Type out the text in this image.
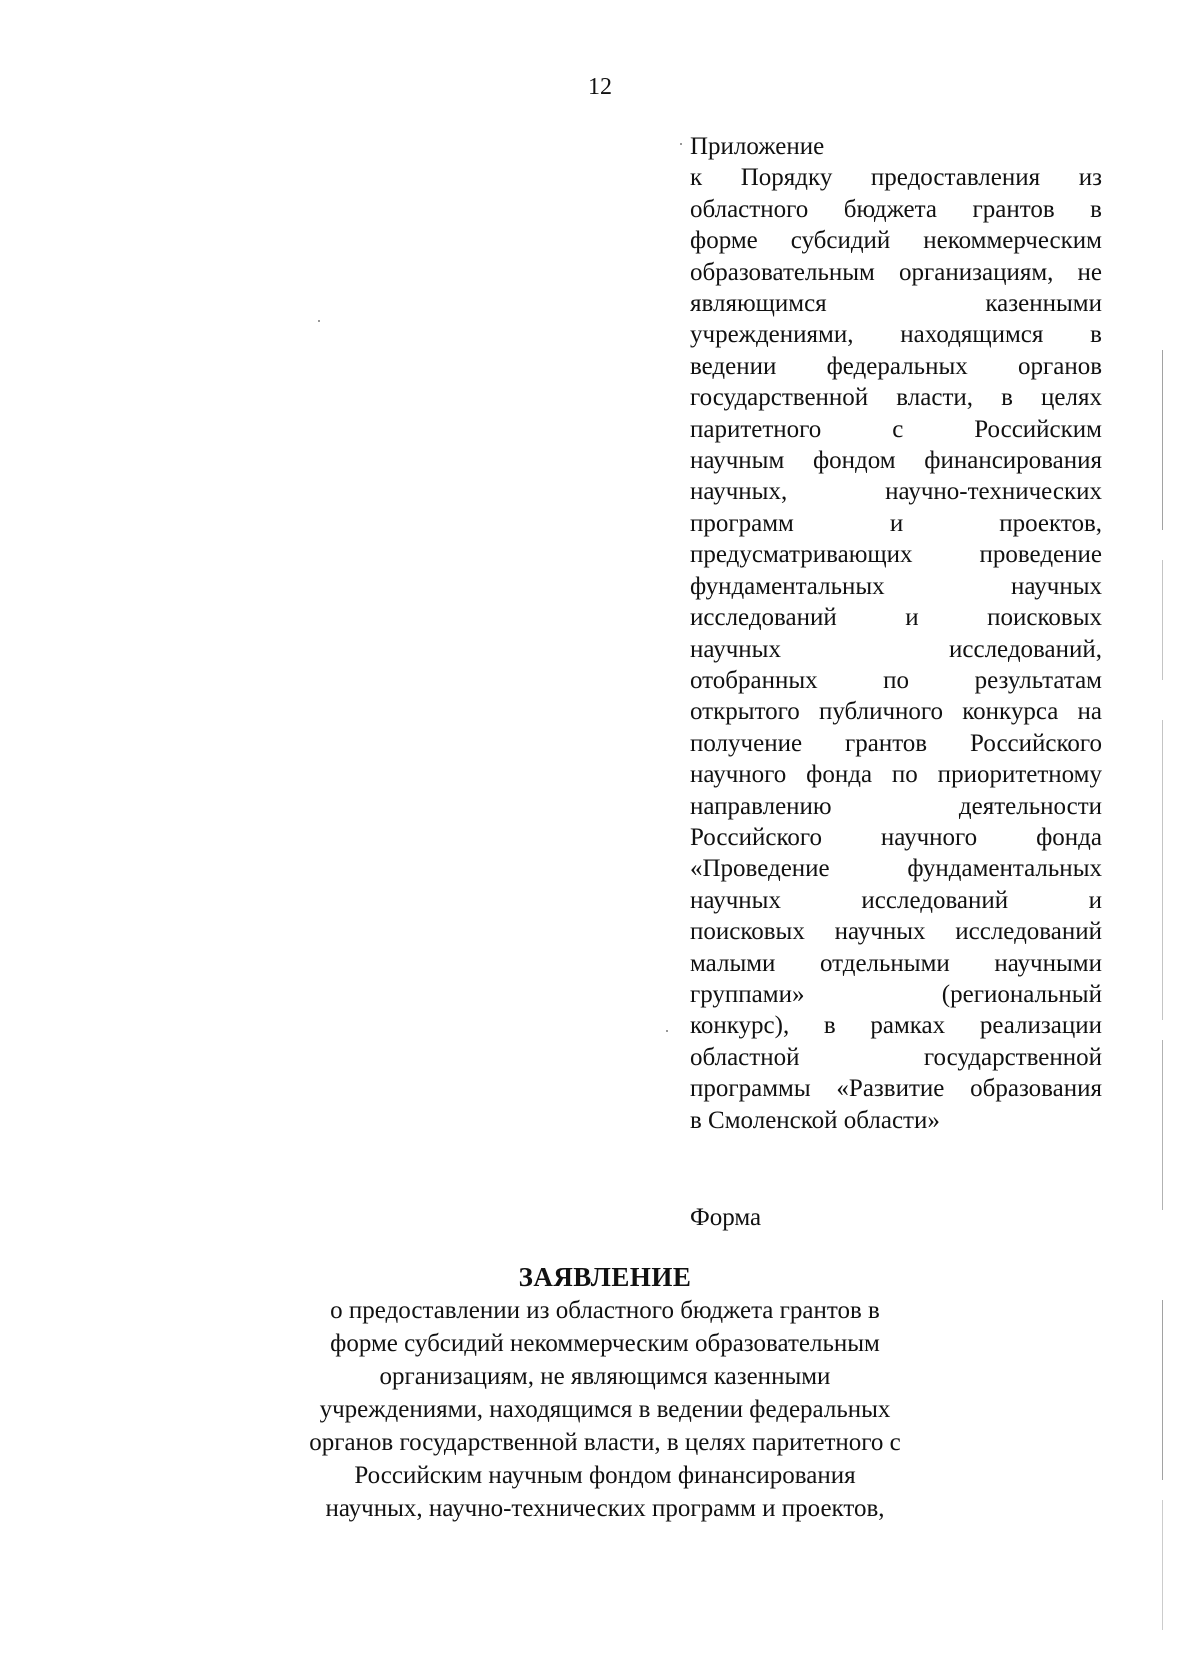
12
Приложение
к Порядку предоставления из
областного бюджета грантов в
форме субсидий некоммерческим
образовательным организациям, не
являющимся казенными
учреждениями, находящимся в
ведении федеральных органов
государственной власти, в целях
паритетного с Российским
научным фондом финансирования
научных, научно-технических
программ и проектов,
предусматривающих проведение
фундаментальных научных
исследований и поисковых
научных исследований,
отобранных по результатам
открытого публичного конкурса на
получение грантов Российского
научного фонда по приоритетному
направлению деятельности
Российского научного фонда
«Проведение фундаментальных
научных исследований и
поисковых научных исследований
малыми отдельными научными
группами» (региональный
конкурс), в рамках реализации
областной государственной
программы «Развитие образования
в Смоленской области»
Форма
ЗАЯВЛЕНИЕ
о предоставлении из областного бюджета грантов в
форме субсидий некоммерческим образовательным
организациям, не являющимся казенными
учреждениями, находящимся в ведении федеральных
органов государственной власти, в целях паритетного с
Российским научным фондом финансирования
научных, научно-технических программ и проектов,
